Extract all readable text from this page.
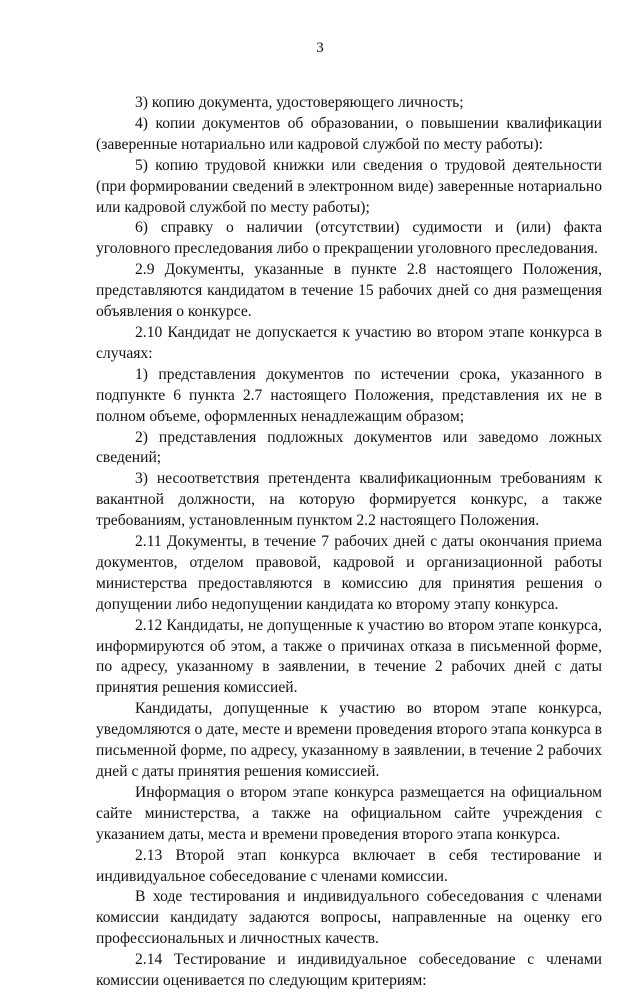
3

3) копию документа, удостоверяющего личность;

4) копии документов об образовании, о повышении квалификации (заверенные нотариально или кадровой службой по месту работы):

5) копию трудовой книжки или сведения о трудовой деятельности (при формировании сведений в электронном виде) заверенные нотариально или кадровой службой по месту работы);

6) справку о наличии (отсутствии) судимости и (или) факта уголовного преследования либо о прекращении уголовного преследования.

2.9 Документы, указанные в пункте 2.8 настоящего Положения, представляются кандидатом в течение 15 рабочих дней со дня размещения объявления о конкурсе.

2.10 Кандидат не допускается к участию во втором этапе конкурса в случаях:

1) представления документов по истечении срока, указанного в подпункте 6 пункта 2.7 настоящего Положения, представления их не в полном объеме, оформленных ненадлежащим образом;

2) представления подложных документов или заведомо ложных сведений;

3) несоответствия претендента квалификационным требованиям к вакантной должности, на которую формируется конкурс, а также требованиям, установленным пунктом 2.2 настоящего Положения.

2.11 Документы, в течение 7 рабочих дней с даты окончания приема документов, отделом правовой, кадровой и организационной работы министерства предоставляются в комиссию для принятия решения о допущении либо недопущении кандидата ко второму этапу конкурса.

2.12 Кандидаты, не допущенные к участию во втором этапе конкурса, информируются об этом, а также о причинах отказа в письменной форме, по адресу, указанному в заявлении, в течение 2 рабочих дней с даты принятия решения комиссией.

Кандидаты, допущенные к участию во втором этапе конкурса, уведомляются о дате, месте и времени проведения второго этапа конкурса в письменной форме, по адресу, указанному в заявлении, в течение 2 рабочих дней с даты принятия решения комиссией.

Информация о втором этапе конкурса размещается на официальном сайте министерства, а также на официальном сайте учреждения с указанием даты, места и времени проведения второго этапа конкурса.

2.13 Второй этап конкурса включает в себя тестирование и индивидуальное собеседование с членами комиссии.

В ходе тестирования и индивидуального собеседования с членами комиссии кандидату задаются вопросы, направленные на оценку его профессиональных и личностных качеств.

2.14 Тестирование и индивидуальное собеседование с членами комиссии оценивается по следующим критериям:
